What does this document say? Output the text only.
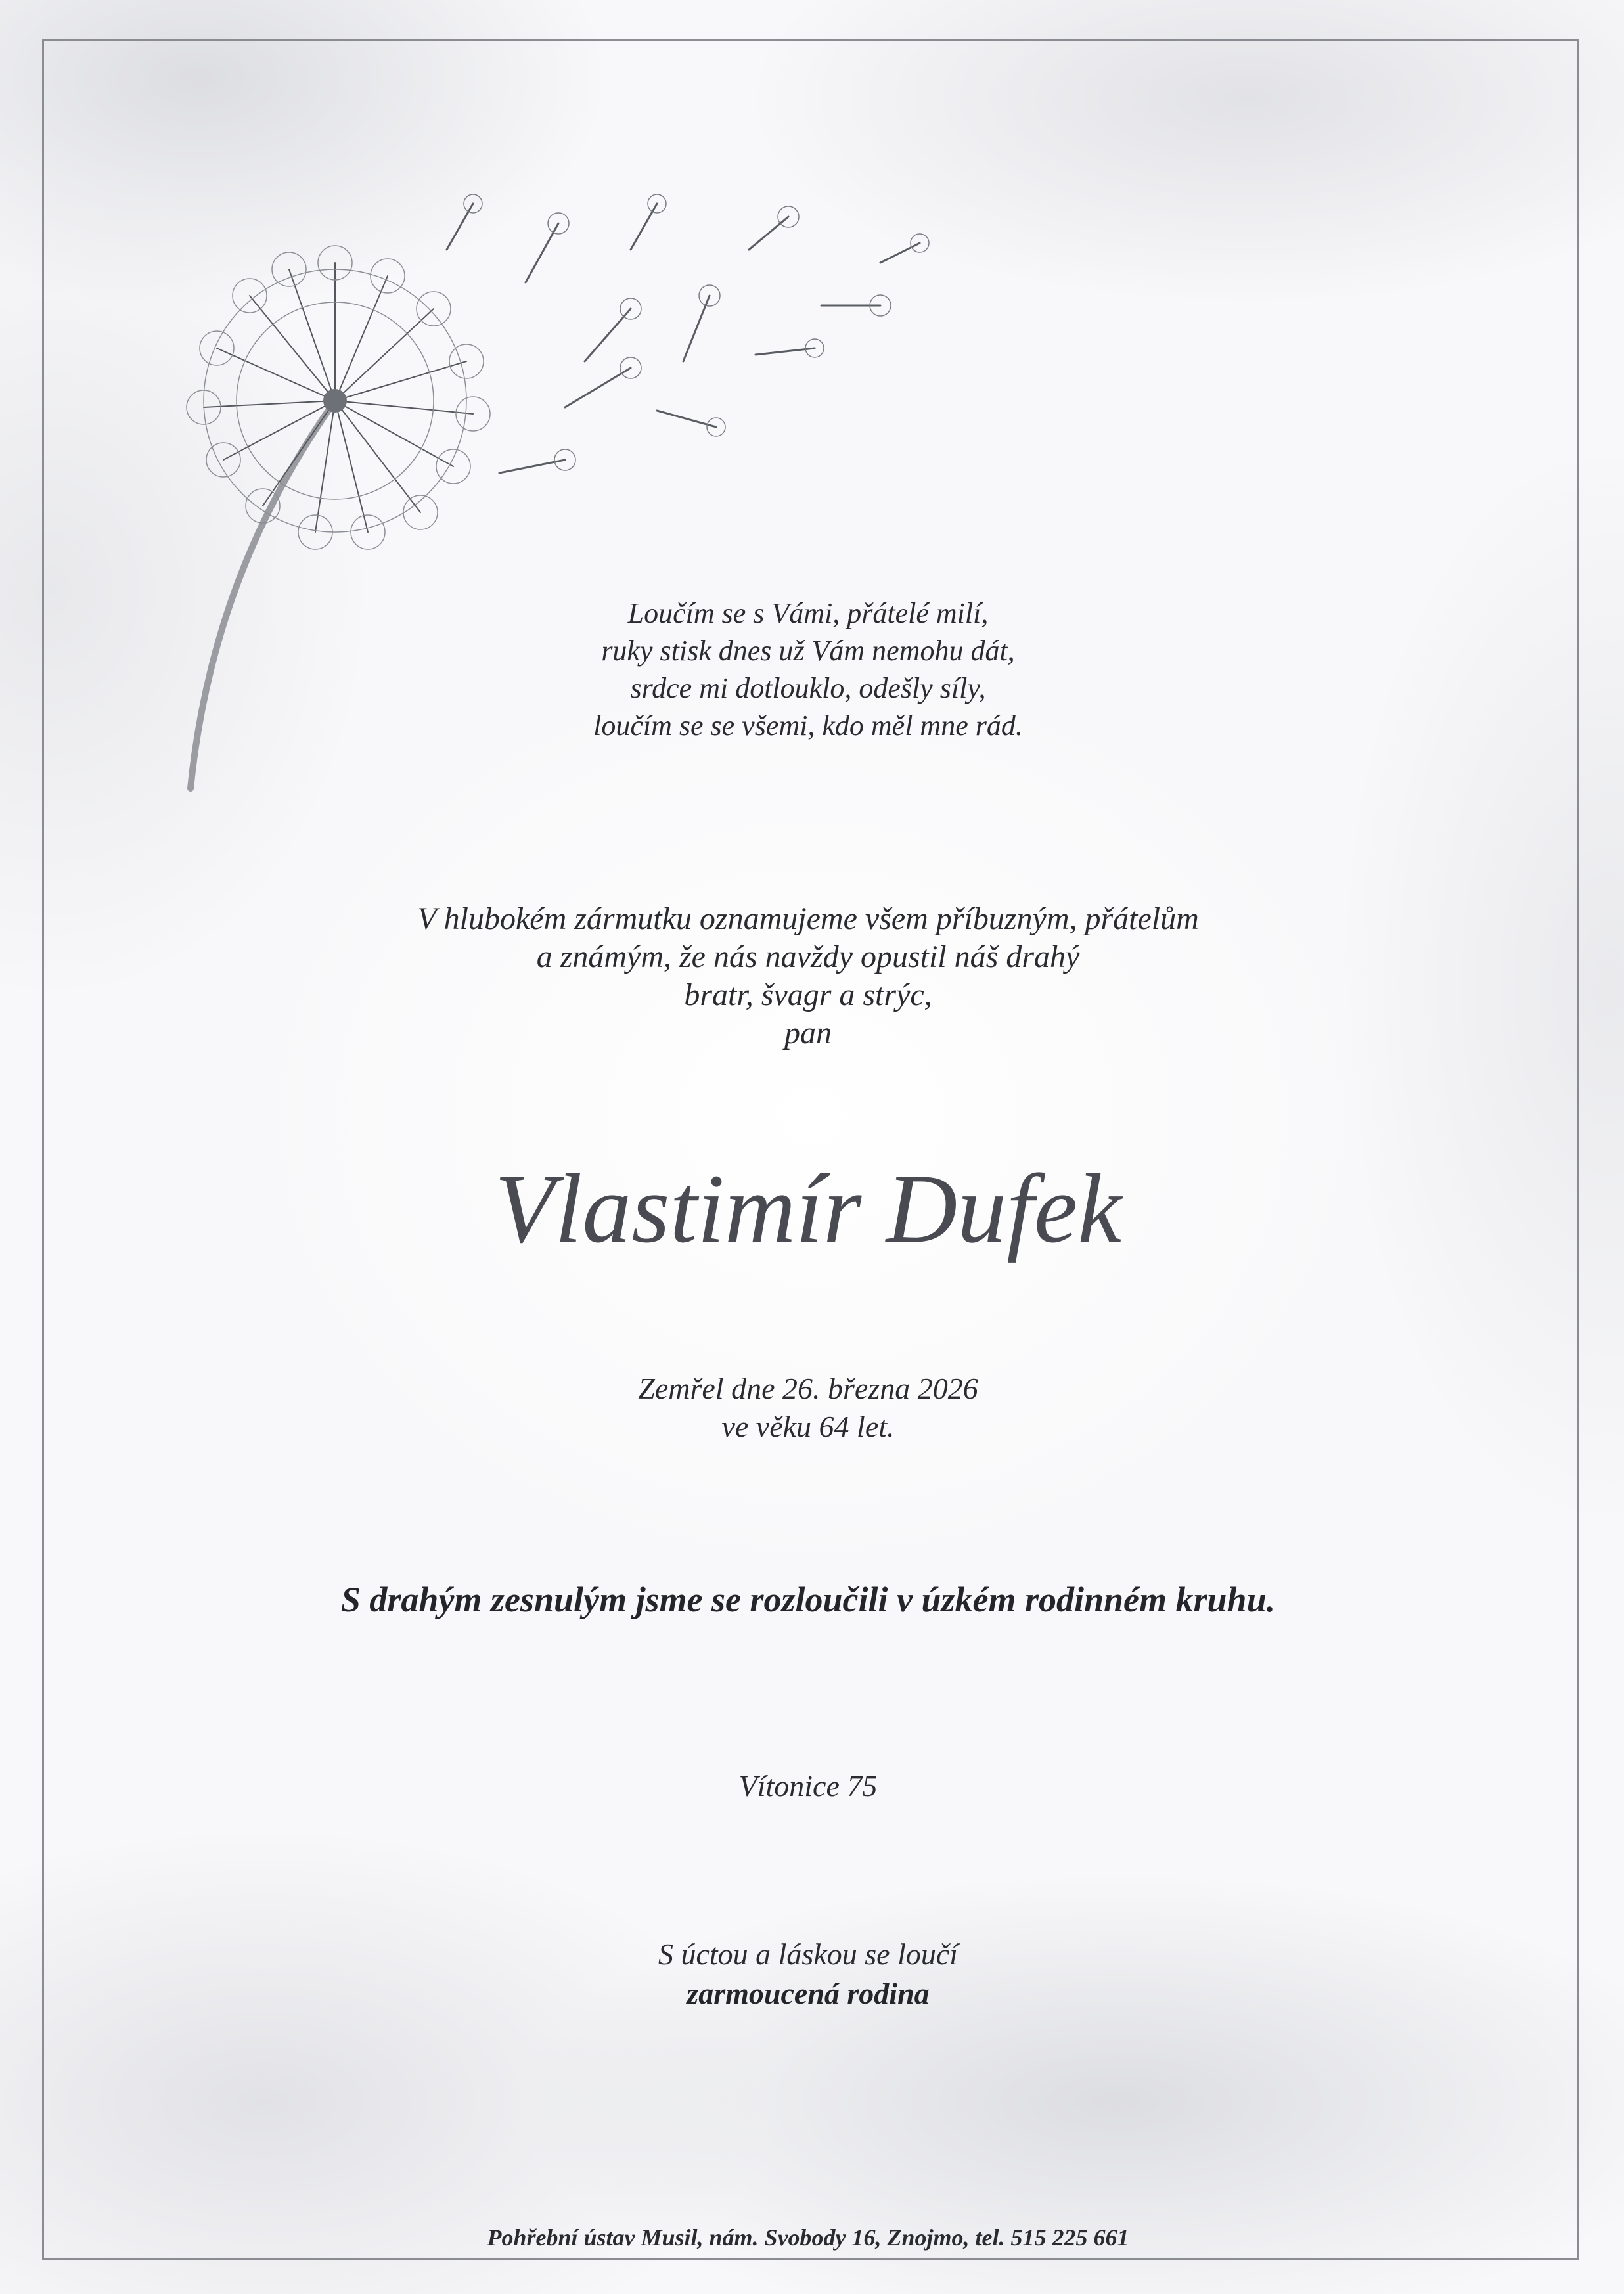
Loučím se s Vámi, přátelé milí,
ruky stisk dnes už Vám nemohu dát,
srdce mi dotlouklo, odešly síly,
loučím se se všemi, kdo měl mne rád.
V hlubokém zármutku oznamujeme všem příbuzným, přátelům
a známým, že nás navždy opustil náš drahý
bratr, švagr a strýc,
pan
Vlastimír Dufek
Zemřel dne 26. března 2026
ve věku 64 let.
S drahým zesnulým jsme se rozloučili v úzkém rodinném kruhu.
Vítonice 75
S úctou a láskou se loučí
zarmoucená rodina
Pohřební ústav Musil, nám. Svobody 16, Znojmo, tel. 515 225 661
